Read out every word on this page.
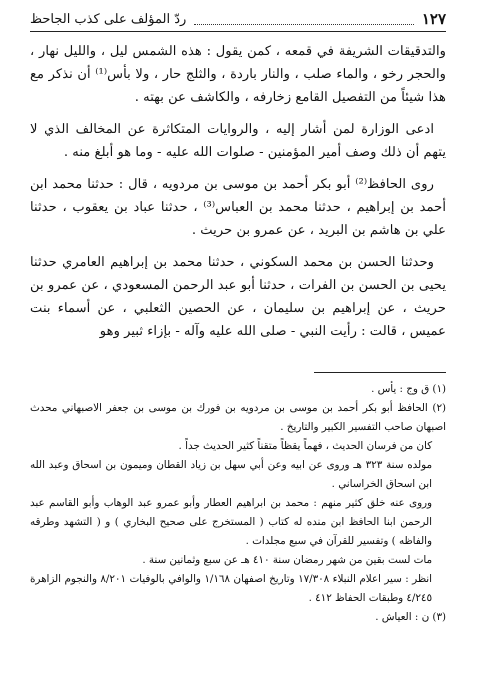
١٢٧
ردّ المؤلف على كذب الجاحظ

والتدقيقات الشريفة في قمعه ، كمن يقول : هذه الشمس ليل ، والليل نهار ، والحجر رخو ، والماء صلب ، والنار باردة ، والثلج حار ، ولا بأس⁽¹⁾ أن نذكر مع هذا شيئاً من التفصيل القامع زخارفه ، والكاشف عن بهته .

ادعى الوزارة لمن أشار إليه ، والروايات المتكاثرة عن المخالف الذي لا يتهم أن ذلك وصف أمير المؤمنين - صلوات الله عليه - وما هو أبلغ منه .

روى الحافظ⁽²⁾ أبو بكر أحمد بن موسى بن مردويه ، قال : حدثنا محمد ابن أحمد بن إبراهيم ، حدثنا محمد بن العباس⁽³⁾ ، حدثنا عباد بن يعقوب ، حدثنا علي بن هاشم بن البريد ، عن عمرو بن حريث .

وحدثنا الحسن بن محمد السكوني ، حدثنا محمد بن إبراهيم العامري حدثنا يحيى بن الحسن بن الفرات ، حدثنا أبو عبد الرحمن المسعودي ، عن عمرو بن حريث ، عن إبراهيم بن سليمان ، عن الحصين الثعلبي ، عن أسماء بنت عميس ، قالت : رأيت النبي - صلى الله عليه وآله - بإزاء ثبير وهو

(١) ق وج : يأس .

(٢) الحافظ أبو بكر أحمد بن موسى بن مردويه بن فورك بن موسى بن جعفر الاصبهاني محدث اصبهان صاحب التفسير الكبير والتاريخ .

كان من فرسان الحديث ، فهماً يقظاً متقناً كثير الحديث جداً .

مولده سنة ٣٢٣ هـ وروى عن ابيه وعن أبي سهل بن زياد القطان وميمون بن اسحاق وعبد الله ابن اسحاق الخراساني .

وروى عنه خلق كثير منهم : محمد بن ابراهيم العطار وأبو عمرو عبد الوهاب وأبو القاسم عبد الرحمن ابنا الحافظ ابن منده له كتاب ( المستخرج على صحيح البخاري ) و ( التشهد وطرقه والفاظه ) وتفسير للقرآن في سبع مجلدات .

مات لست بقين من شهر رمضان سنة ٤١٠ هـ عن سبع وثمانين سنة .

انظر : سير اعلام النبلاء ١٧/٣٠٨ وتاريخ اصفهان ١/١٦٨ والوافي بالوفيات ٨/٢٠١ والنجوم الزاهرة ٤/٢٤٥ وطبقات الحفاظ ٤١٢ .

(٣) ن : العياش .
